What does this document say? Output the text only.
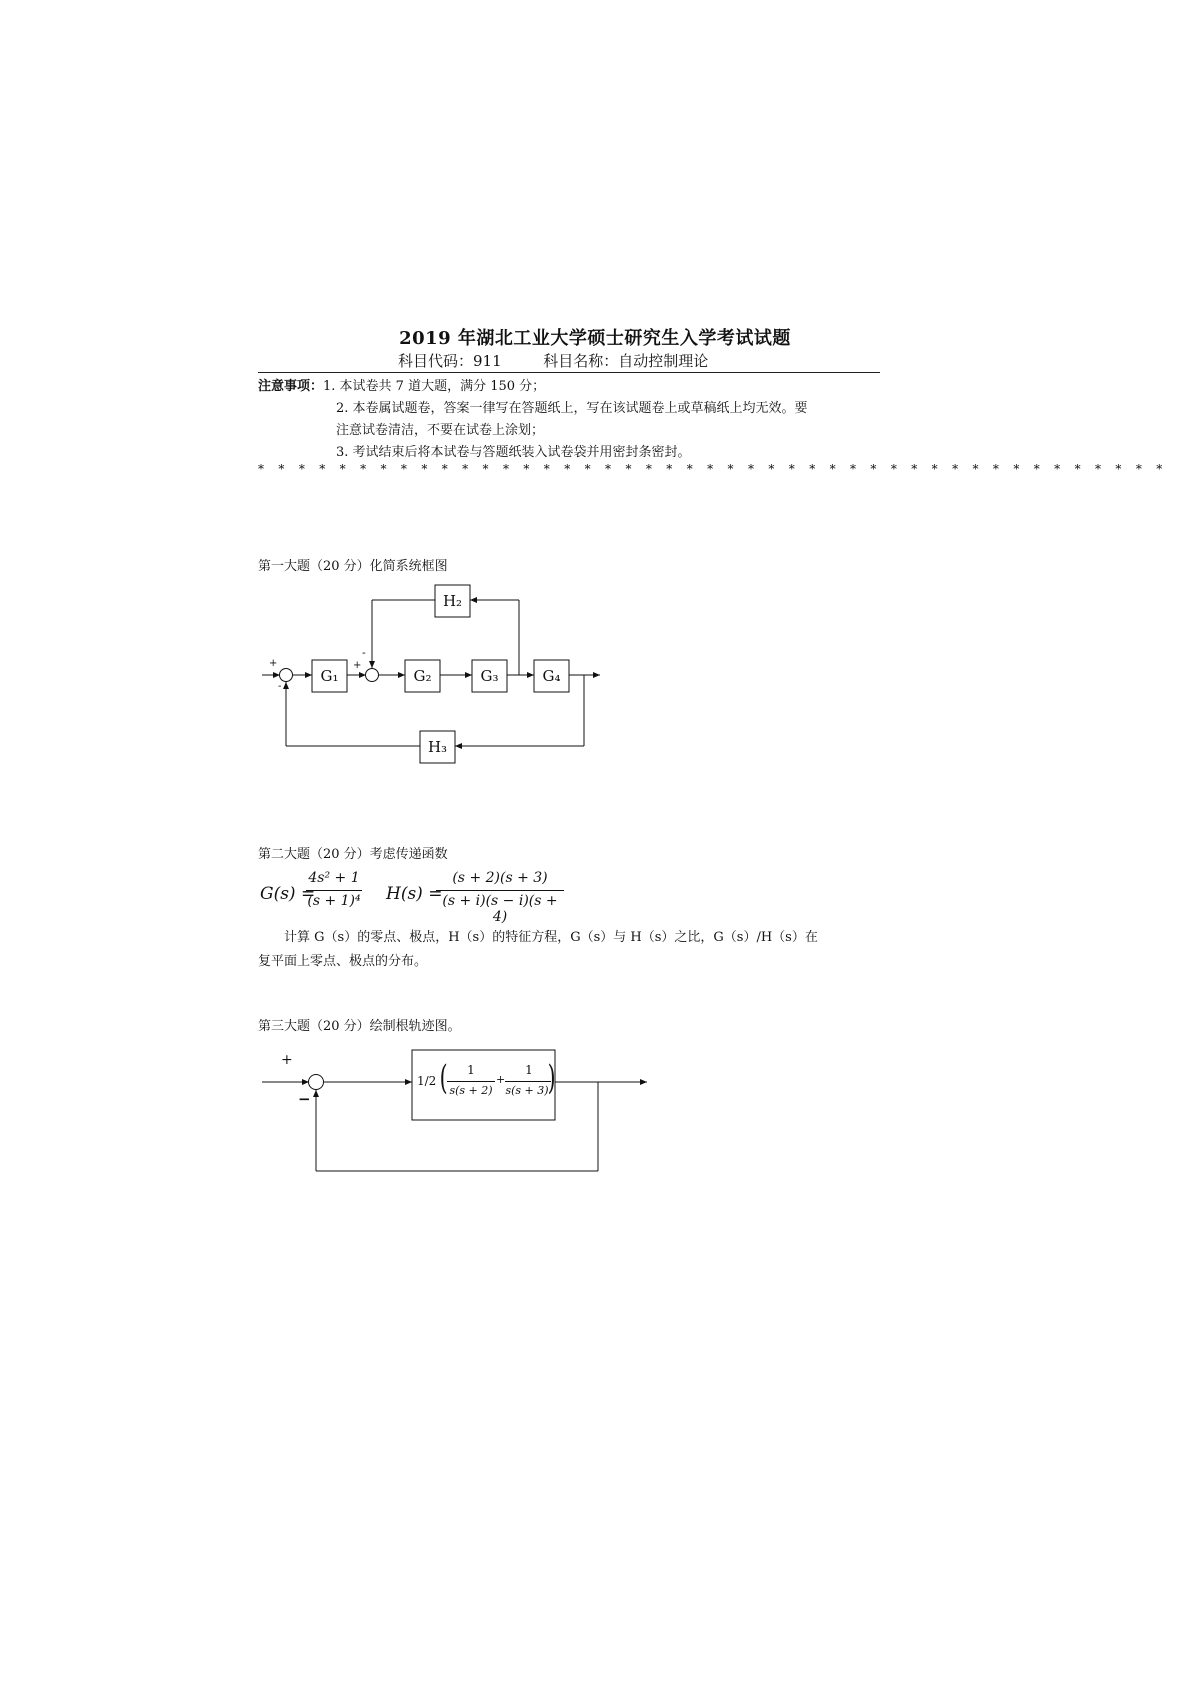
2019 年湖北工业大学硕士研究生入学考试试题
科目代码：911	科目名称：自动控制理论
注意事项：1. 本试卷共 7 道大题，满分 150 分；
2. 本卷属试题卷，答案一律写在答题纸上，写在该试题卷上或草稿纸上均无效。要
注意试卷清洁，不要在试卷上涂划；
3. 考试结束后将本试卷与答题纸装入试卷袋并用密封条密封。
* * * * * * * * * * * * * * * * * * * * * * * * * * * * * * * * * * * * * * * * * * * * *
第一大题（20 分）化简系统框图
G₁	G₂	G₃	G₄
H₂
H₃
+
-
+
-
第二大题（20 分）考虑传递函数
G(s) =
4s² + 1
(s + 1)⁴ H(s) =
(s + 2)(s + 3)
(s + i)(s − i)(s + 4)
计算 G（s）的零点、极点，H（s）的特征方程，G（s）与 H（s）之比，G（s）/H（s）在
复平面上零点、极点的分布。
第三大题（20 分）绘制根轨迹图。
+
−
1/2 (	1
s(s + 2)
+
1
s(s + 3) )
